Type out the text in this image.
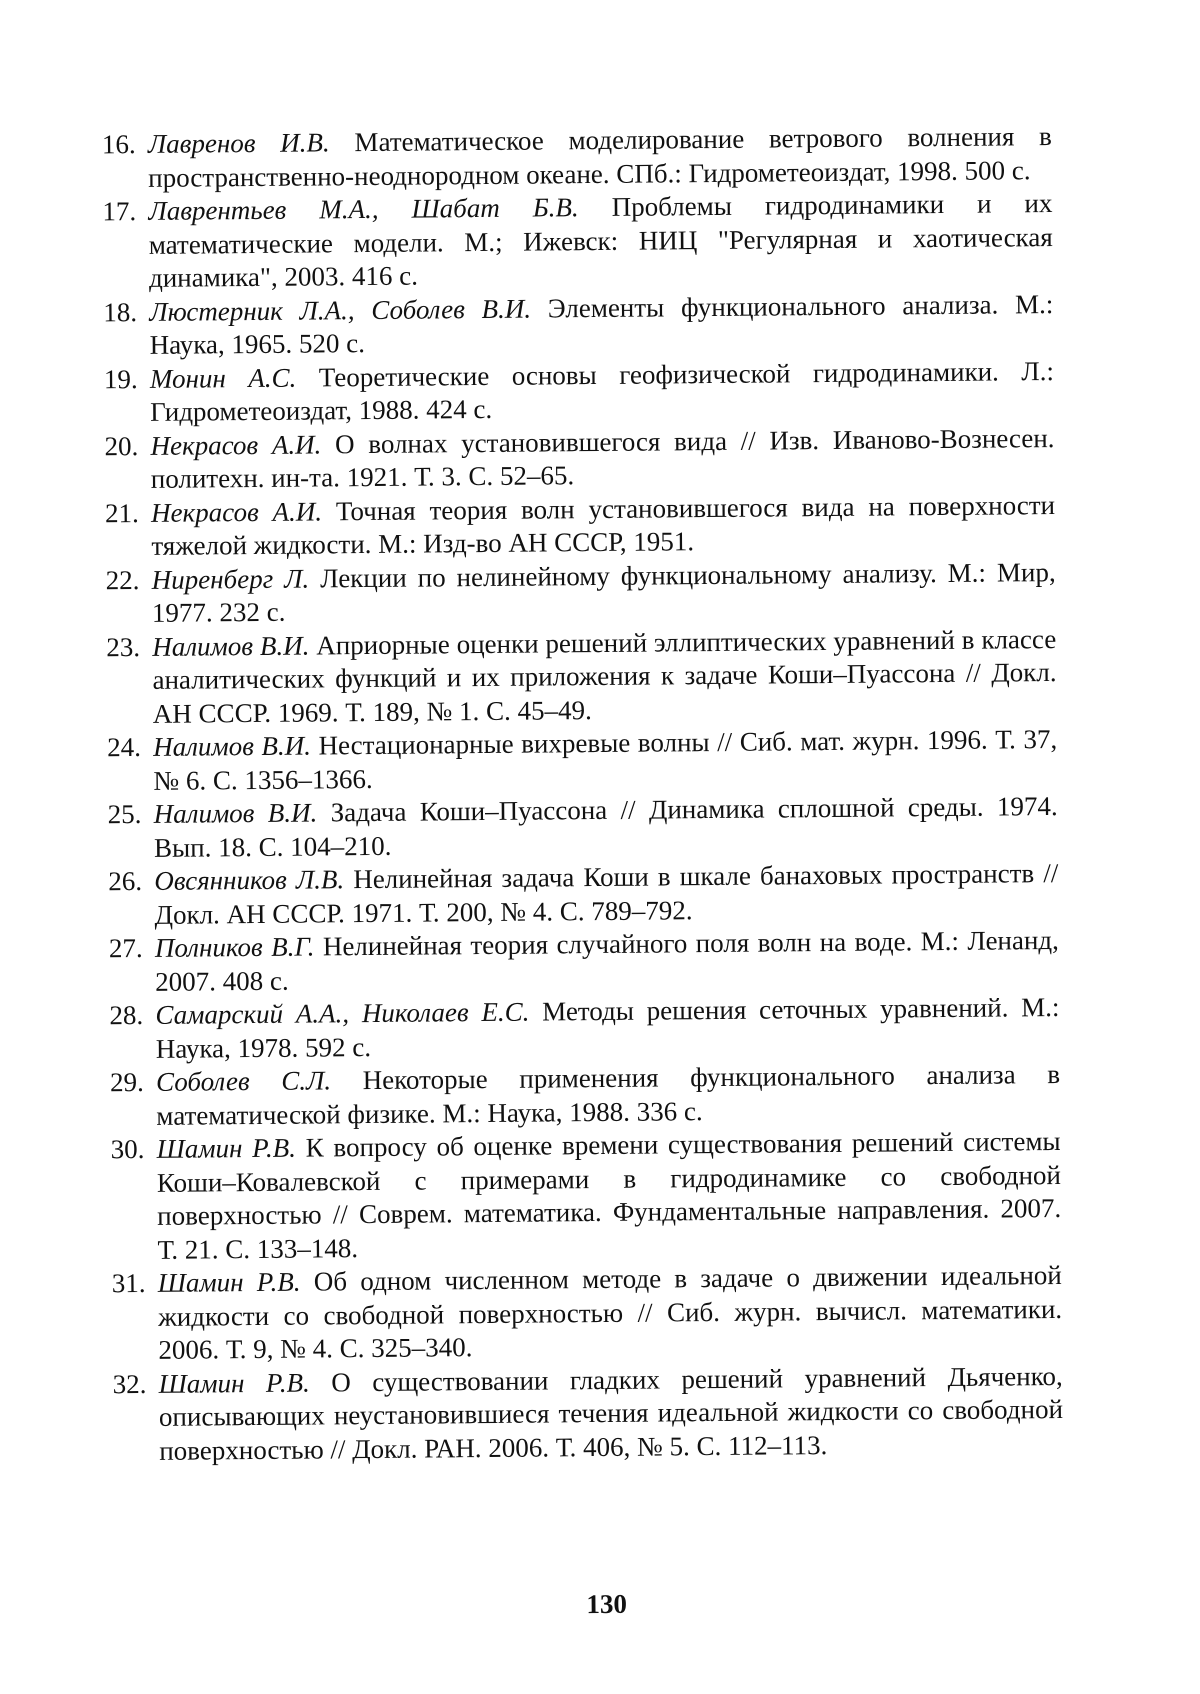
16. Лавренов И.В. Математическое моделирование ветрового волнения в пространственно-неоднородном океане. СПб.: Гидрометеоиздат, 1998. 500 с.
17. Лаврентьев М.А., Шабат Б.В. Проблемы гидродинамики и их математические модели. М.; Ижевск: НИЦ "Регулярная и хаотическая динамика", 2003. 416 с.
18. Люстерник Л.А., Соболев В.И. Элементы функционального анализа. М.: Наука, 1965. 520 с.
19. Монин А.С. Теоретические основы геофизической гидродинамики. Л.: Гидрометеоиздат, 1988. 424 с.
20. Некрасов А.И. О волнах установившегося вида // Изв. Иваново-Вознесен. политехн. ин-та. 1921. Т. 3. С. 52–65.
21. Некрасов А.И. Точная теория волн установившегося вида на поверхности тяжелой жидкости. М.: Изд-во АН СССР, 1951.
22. Ниренберг Л. Лекции по нелинейному функциональному анализу. М.: Мир, 1977. 232 с.
23. Налимов В.И. Априорные оценки решений эллиптических уравнений в классе аналитических функций и их приложения к задаче Коши–Пуассона // Докл. АН СССР. 1969. Т. 189, № 1. С. 45–49.
24. Налимов В.И. Нестационарные вихревые волны // Сиб. мат. журн. 1996. Т. 37, № 6. С. 1356–1366.
25. Налимов В.И. Задача Коши–Пуассона // Динамика сплошной среды. 1974. Вып. 18. С. 104–210.
26. Овсянников Л.В. Нелинейная задача Коши в шкале банаховых пространств // Докл. АН СССР. 1971. Т. 200, № 4. С. 789–792.
27. Полников В.Г. Нелинейная теория случайного поля волн на воде. М.: Ленанд, 2007. 408 с.
28. Самарский А.А., Николаев Е.С. Методы решения сеточных уравнений. М.: Наука, 1978. 592 с.
29. Соболев С.Л. Некоторые применения функционального анализа в математической физике. М.: Наука, 1988. 336 с.
30. Шамин Р.В. К вопросу об оценке времени существования решений системы Коши–Ковалевской с примерами в гидродинамике со свободной поверхностью // Соврем. математика. Фундаментальные направления. 2007. Т. 21. С. 133–148.
31. Шамин Р.В. Об одном численном методе в задаче о движении идеальной жидкости со свободной поверхностью // Сиб. журн. вычисл. математики. 2006. Т. 9, № 4. С. 325–340.
32. Шамин Р.В. О существовании гладких решений уравнений Дьяченко, описывающих неустановившиеся течения идеальной жидкости со свободной поверхностью // Докл. РАН. 2006. Т. 406, № 5. С. 112–113.
130
